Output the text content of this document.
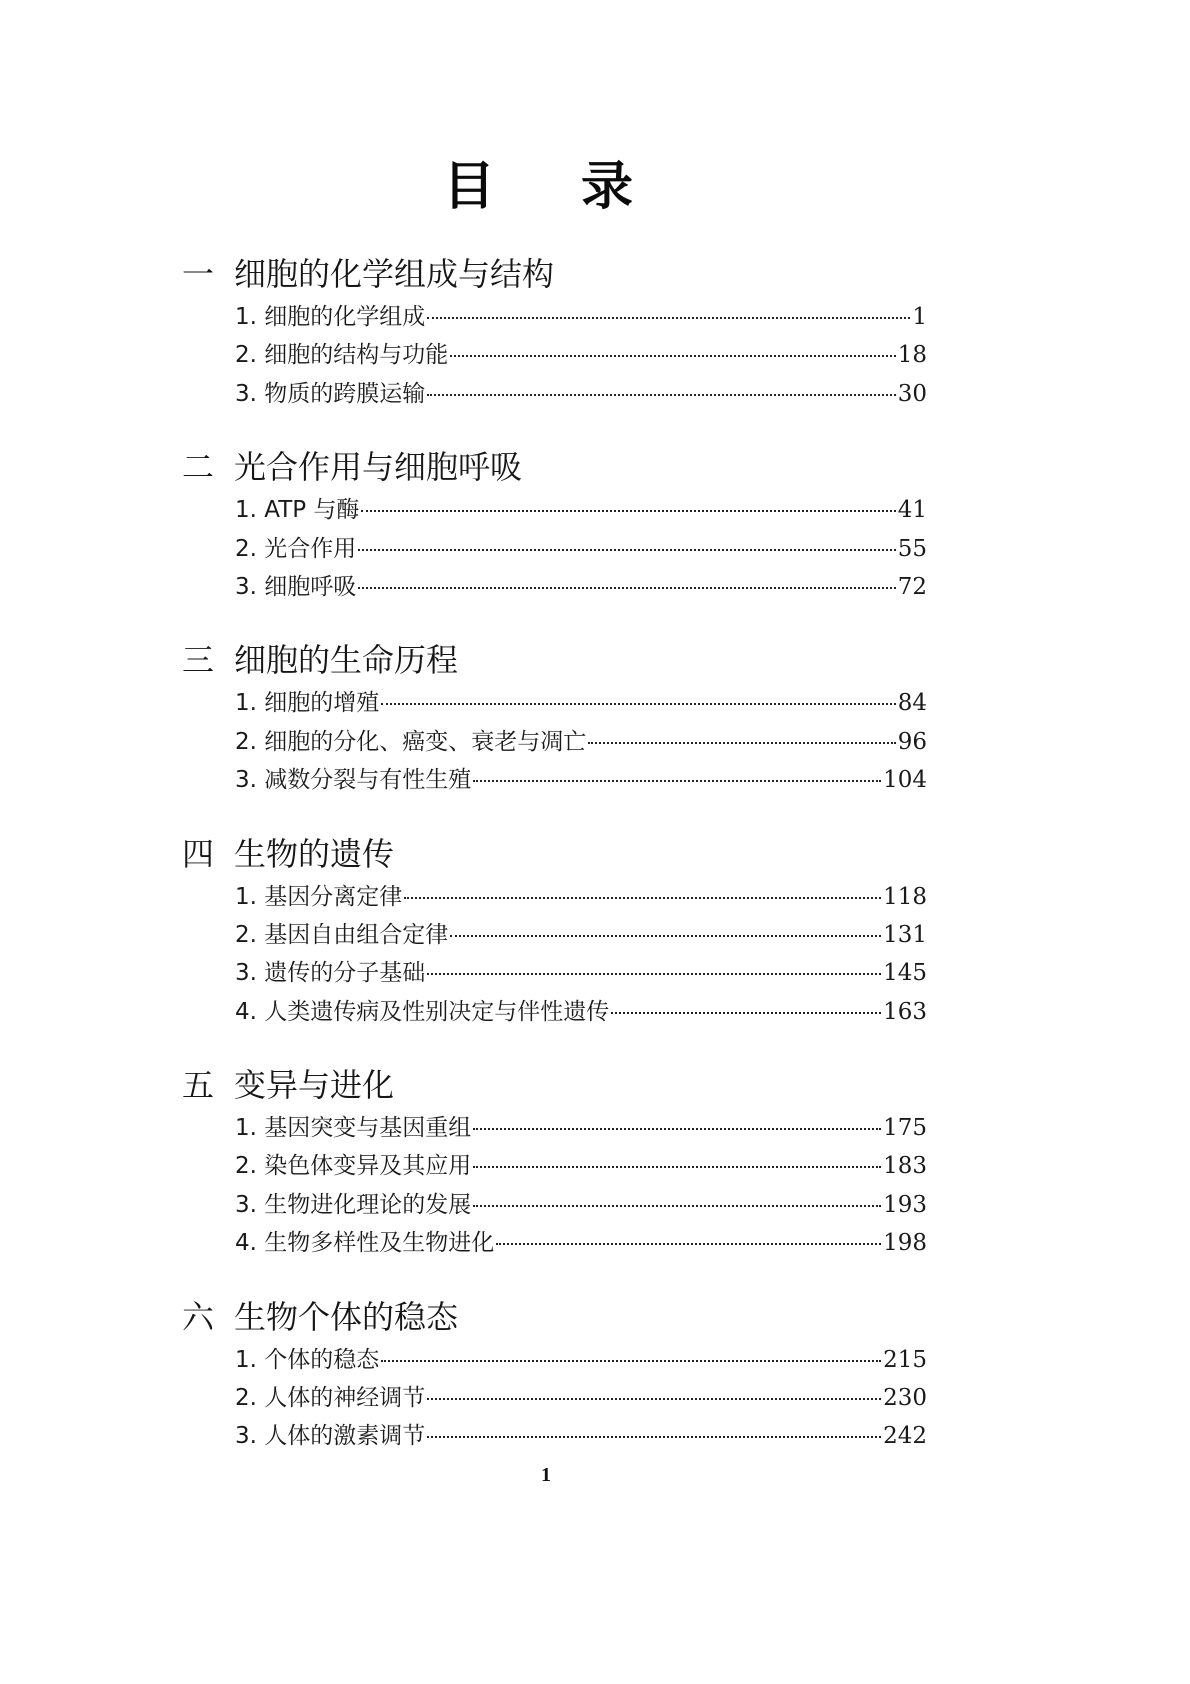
目 录
一 细胞的化学组成与结构
1. 细胞的化学组成	1
2. 细胞的结构与功能	18
3. 物质的跨膜运输	30
二 光合作用与细胞呼吸
1. ATP 与酶	41
2. 光合作用	55
3. 细胞呼吸	72
三 细胞的生命历程
1. 细胞的增殖	84
2. 细胞的分化、癌变、衰老与凋亡	96
3. 减数分裂与有性生殖	104
四 生物的遗传
1. 基因分离定律	118
2. 基因自由组合定律	131
3. 遗传的分子基础	145
4. 人类遗传病及性别决定与伴性遗传	163
五 变异与进化
1. 基因突变与基因重组	175
2. 染色体变异及其应用	183
3. 生物进化理论的发展	193
4. 生物多样性及生物进化	198
六 生物个体的稳态
1. 个体的稳态	215
2. 人体的神经调节	230
3. 人体的激素调节	242
1
